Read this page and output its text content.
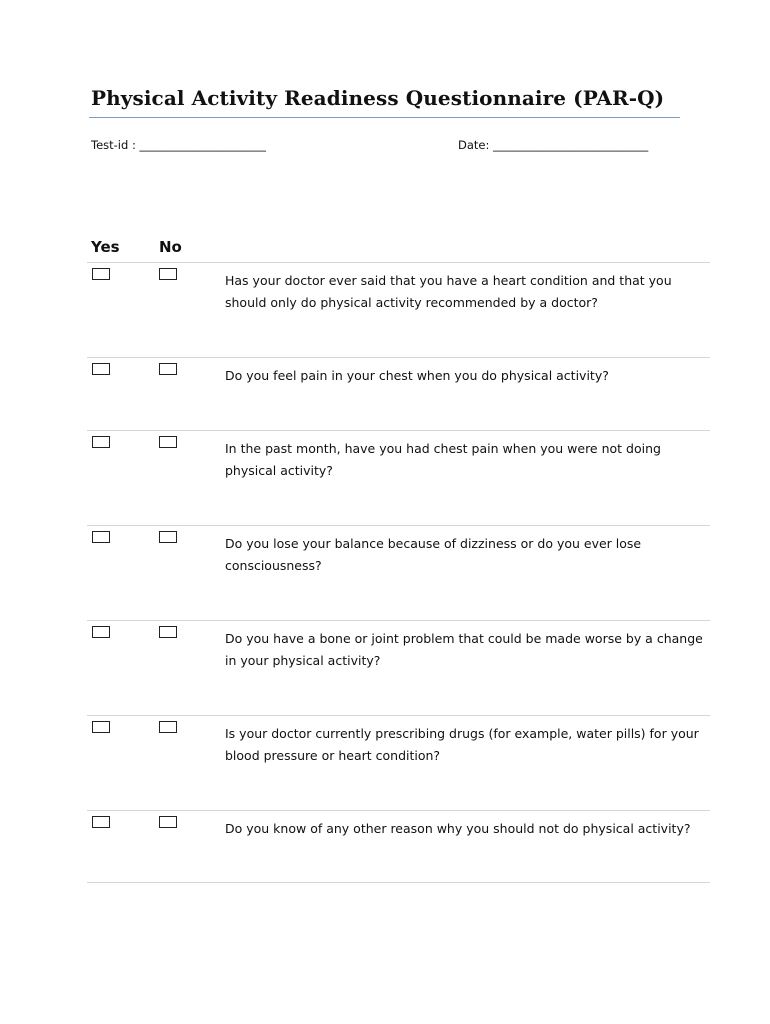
Physical Activity Readiness Questionnaire (PAR-Q)
Test-id : ______________________	Date: ___________________________
Yes	No
Has your doctor ever said that you have a heart condition and that you should only do physical activity recommended by a doctor?
Do you feel pain in your chest when you do physical activity?
In the past month, have you had chest pain when you were not doing physical activity?
Do you lose your balance because of dizziness or do you ever lose consciousness?
Do you have a bone or joint problem that could be made worse by a change in your physical activity?
Is your doctor currently prescribing drugs (for example, water pills) for your blood pressure or heart condition?
Do you know of any other reason why you should not do physical activity?
